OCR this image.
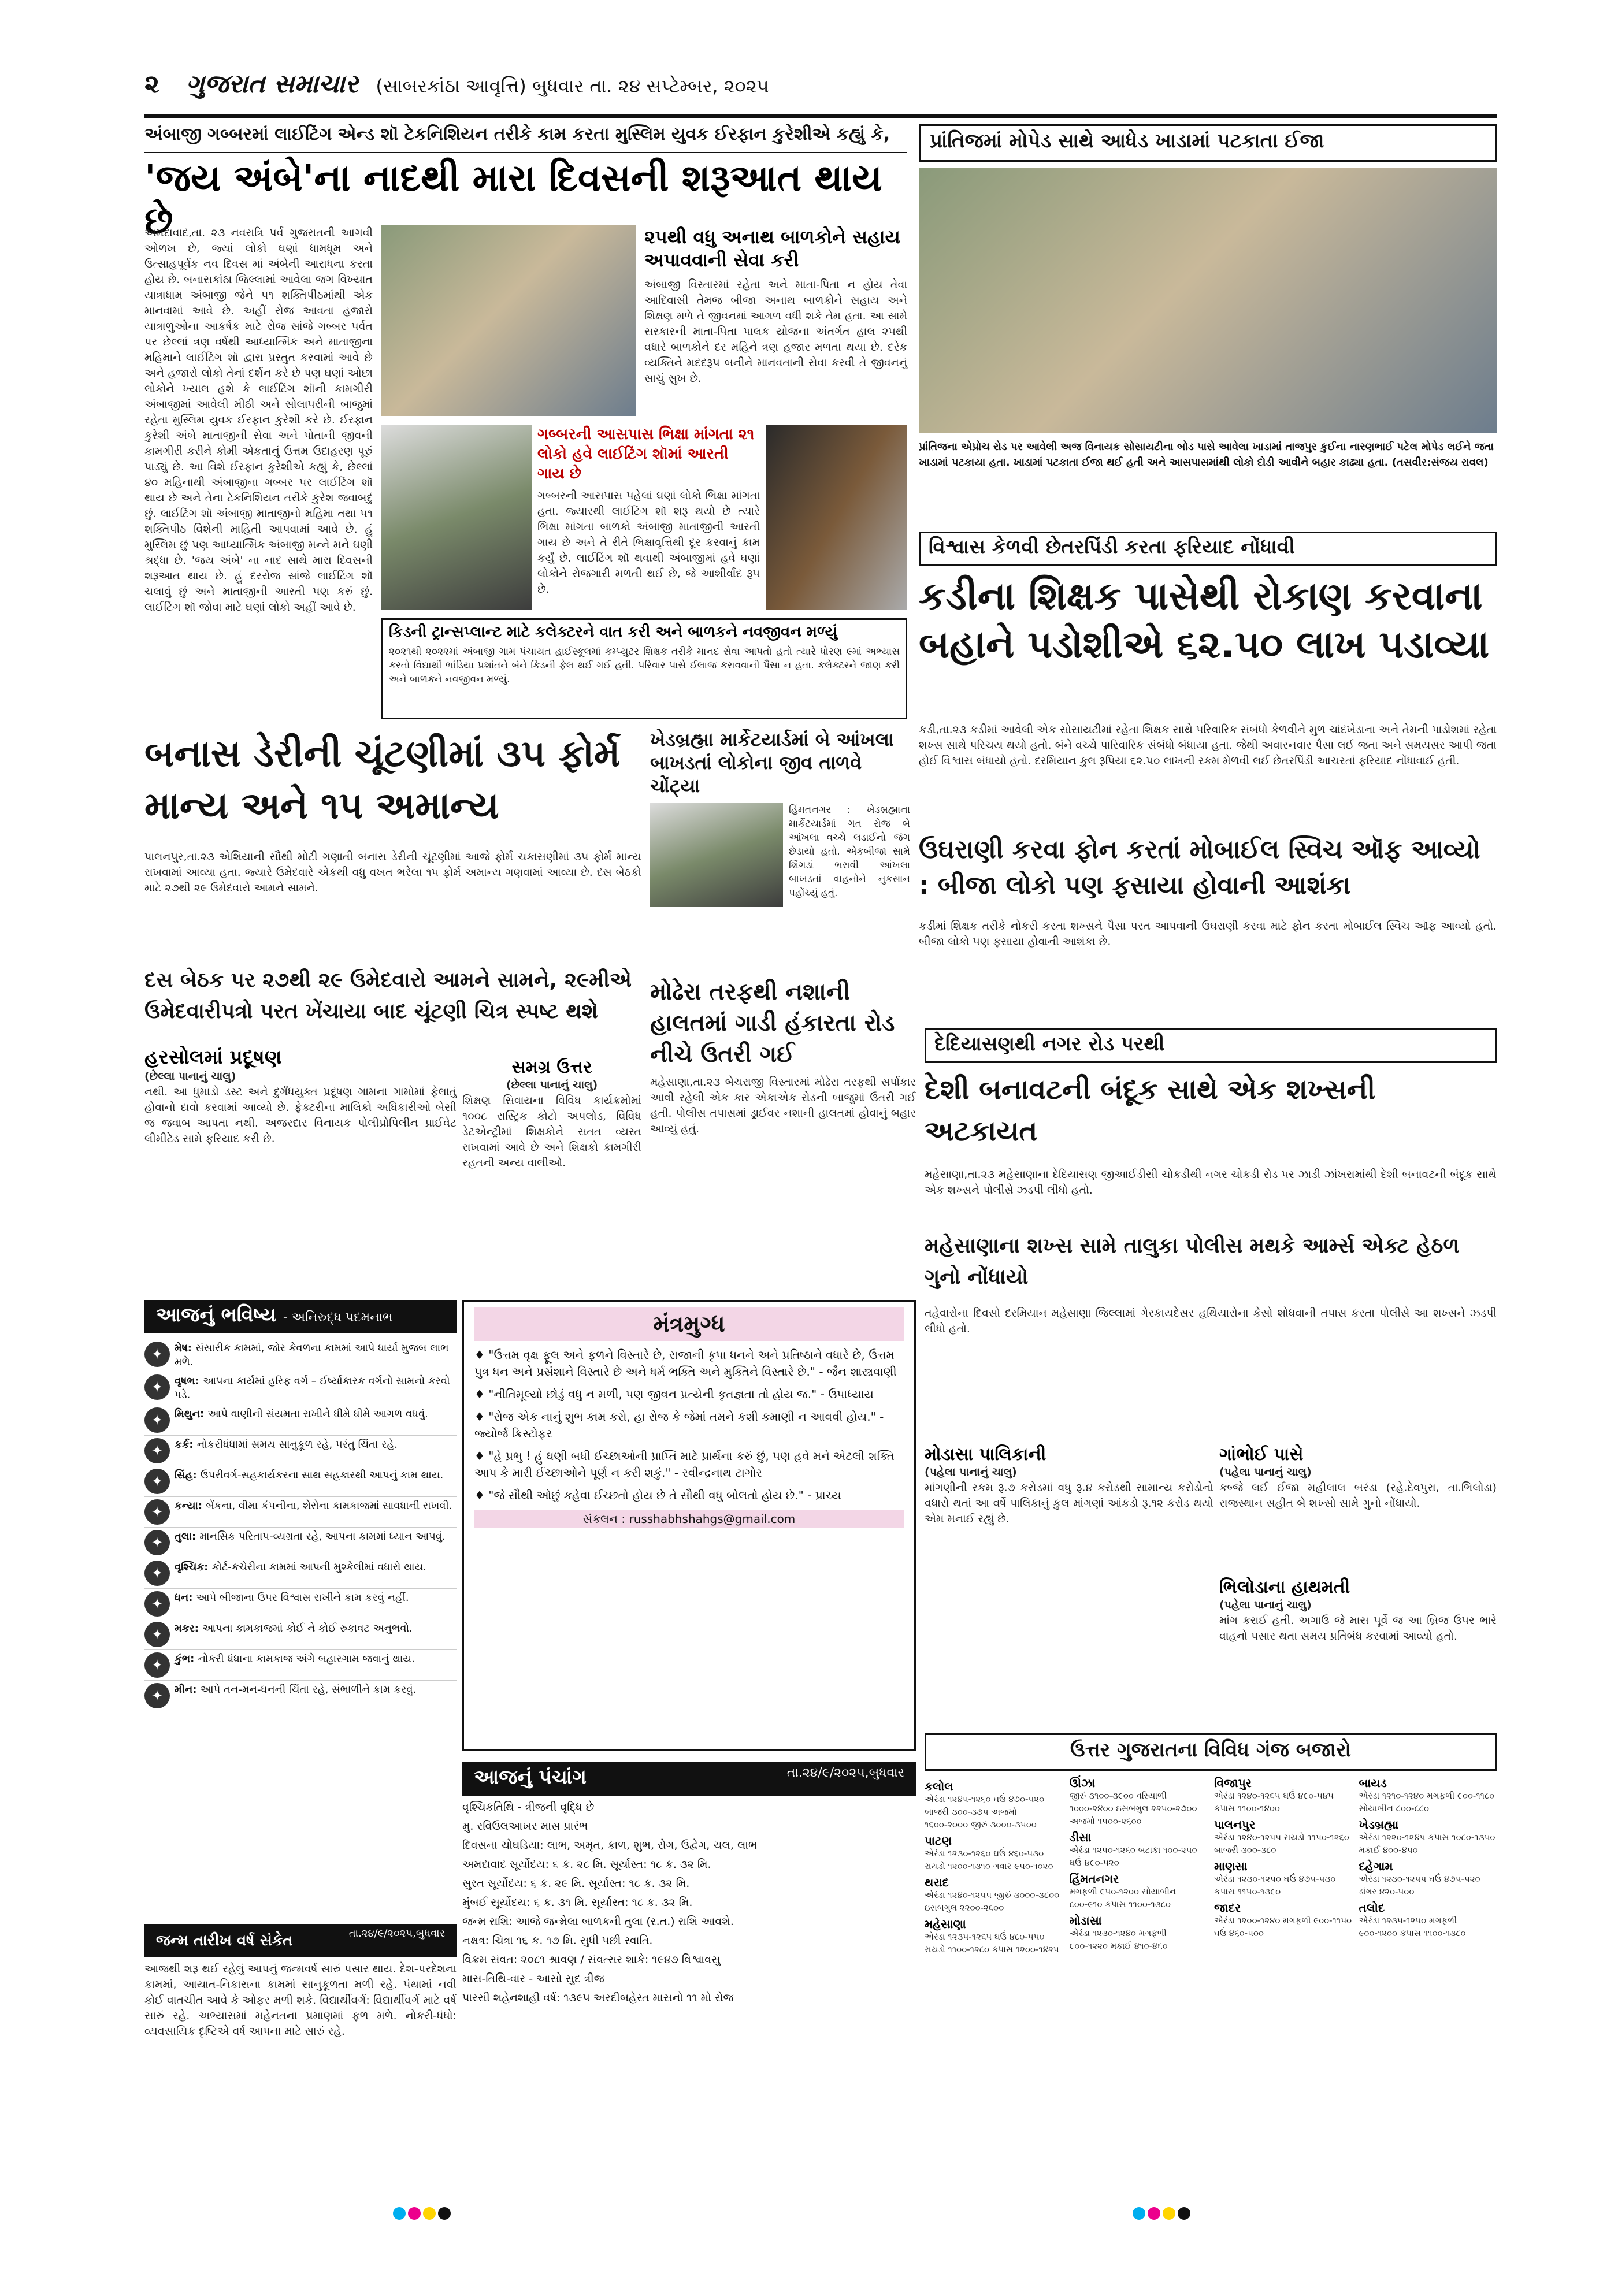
૨ ગુજરાત સમાચાર (સાબરકાંઠા આવૃત્તિ) બુધવાર તા. ૨૪ સપ્ટેમ્બર, ૨૦૨૫
અંબાજી ગબ્બરમાં લાઈટિંગ એન્ડ શૉ ટેકનિશિયન તરીકે કામ કરતા મુસ્લિમ યુવક ઈરફાન કુરેશીએ કહ્યું કે,
'જય અંબે'ના નાદથી મારા દિવસની શરૂઆત થાય છે
અમદાવાદ,તા. ૨૩ નવરાત્રિ પર્વ ગુજરાતની આગવી ઓળખ છે, જ્યાં લોકો ઘણાં ધામધૂમ અને ઉત્સાહપૂર્વક નવ દિવસ માં અંબેની આરાધના કરતા હોય છે. બનાસકાંઠા જિલ્લામાં આવેલા જગ વિખ્યાત યાત્રાધામ અંબાજી જેને ૫૧ શક્તિપીઠમાંથી એક માનવામાં આવે છે. અહીં રોજ આવતા હજારો યાત્રાળુઓના આકર્ષક માટે રોજ સાંજે ગબ્બર પર્વત પર છેલ્લાં ત્રણ વર્ષથી આધ્યાત્મિક અને માતાજીના મહિમાને લાઈટિંગ શૉ દ્વારા પ્રસ્તુત કરવામાં આવે છે અને હજારો લોકો તેનાં દર્શન કરે છે પણ ઘણાં ઓછા લોકોને ખ્યાલ હશે કે લાઈટિંગ શૉની કામગીરી અંબાજીમાં આવેલી મીઠી અને સોલાપરીની બાજુમાં રહેતા મુસ્લિમ યુવક ઈરફાન કુરેશી કરે છે. ઈરફાન કુરેશી અંબે માતાજીની સેવા અને પોતાની જીવની કામગીરી કરીને કોમી એકતાનું ઉત્તમ ઉદાહરણ પૂરું પાડ્યું છે. આ વિશે ઈરફાન કુરેશીએ કહ્યું કે, છેલ્લાં ૪૦ મહિનાથી અંબાજીના ગબ્બર પર લાઈટિંગ શૉ થાય છે અને તેના ટેકનિશિયન તરીકે કુરેશ જવાબદું છું. લાઈટિંગ શૉ અંબાજી માતાજીનો મહિમા તથા ૫૧ શક્તિપીઠ વિશેની માહિતી આપવામાં આવે છે. હું મુસ્લિમ છું પણ આધ્યાત્મિક અંબાજી મન્ને મને ઘણી શ્રદ્ધા છે. 'જય અંબે' ના નાદ સાથે મારા દિવસની શરૂઆત થાય છે. હું દરરોજ સાંજે લાઈટિંગ શૉ ચલાવું છું અને માતાજીની આરતી પણ કરું છું. લાઈટિંગ શૉ જોવા માટે ઘણાં લોકો અહીં આવે છે.
૨૫થી વધુ અનાથ બાળકોને સહાય અપાવવાની સેવા કરી
અંબાજી વિસ્તારમાં રહેતા અને માતા-પિતા ન હોય તેવા આદિવાસી તેમજ બીજા અનાથ બાળકોને સહાય અને શિક્ષણ મળે તે જીવનમાં આગળ વધી શકે તેમ હતા. આ સામે સરકારની માતા-પિતા પાલક યોજના અંતર્ગત હાલ ૨૫થી વધારે બાળકોને દર મહિને ત્રણ હજાર મળતા થયા છે. દરેક વ્યક્તિને મદદરૂપ બનીને માનવતાની સેવા કરવી તે જીવનનું સાચું સુખ છે.
ગબ્બરની આસપાસ ભિક્ષા માંગતા ૨૧ લોકો હવે લાઈટિંગ શૉમાં આરતી ગાય છે
ગબ્બરની આસપાસ પહેલાં ઘણાં લોકો ભિક્ષા માંગતા હતા. જ્યારથી લાઈટિંગ શૉ શરૂ થયો છે ત્યારે ભિક્ષા માંગતા બાળકો અંબાજી માતાજીની આરતી ગાય છે અને તે રીતે ભિક્ષાવૃત્તિથી દૂર કરવાનું કામ કર્યું છે. લાઈટિંગ શૉ થવાથી અંબાજીમાં હવે ઘણાં લોકોને રોજગારી મળતી થઈ છે, જે આશીર્વાદ રૂપ છે.
કિડની ટ્રાન્સપ્લાન્ટ માટે કલેક્ટરને વાત કરી અને બાળકને નવજીવન મળ્યું
૨૦૨૧થી ૨૦૨૨માં અંબાજી ગામ પંચાયત હાઈસ્કૂલમાં કમ્પ્યુટર શિક્ષક તરીકે માનદ સેવા આપતો હતો ત્યારે ધોરણ ૯માં અભ્યાસ કરતો વિદ્યાર્થી ભાંડિયા પ્રશાંતને બંને કિડની ફેલ થઈ ગઈ હતી. પરિવાર પાસે ઈલાજ કરાવવાની પૈસા ન હતા. કલેક્ટરને જાણ કરી અને બાળકને નવજીવન મળ્યું.
પ્રાંતિજમાં મોપેડ સાથે આધેડ ખાડામાં પટકાતા ઈજા
પ્રાંતિજના એપ્રોચ રોડ પર આવેલી અજ વિનાયક સોસાયટીના બોડ પાસે આવેલા ખાડામાં તાજપુર કુઈના નારણભાઈ પટેલ મોપેડ લઈને જતા ખાડામાં પટકાયા હતા. ખાડામાં પટકાતા ઈજા થઈ હતી અને આસપાસમાંથી લોકો દોડી આવીને બહાર કાઢ્યા હતા. (તસવીર:સંજય રાવલ)
વિશ્વાસ કેળવી છેતરપિંડી કરતા ફરિયાદ નોંધાવી
કડીના શિક્ષક પાસેથી રોકાણ કરવાના બહાને પડોશીએ ૬૨.૫૦ લાખ પડાવ્યા
કડી,તા.૨૩ કડીમાં આવેલી એક સોસાયટીમાં રહેતા શિક્ષક સાથે પરિવારિક સંબંધો કેળવીને મુળ ચાંદખેડાના અને તેમની પાડોશમાં રહેતા શખ્સ સાથે પરિચય થયો હતો. બંને વચ્ચે પારિવારિક સંબંધો બંધાયા હતા. જેથી અવારનવાર પૈસા લઈ જતા અને સમયસર આપી જતા હોઈ વિશ્વાસ બંધાયો હતો. દરમિયાન કુલ રૂપિયા ૬૨.૫૦ લાખની રકમ મેળવી લઈ છેતરપિંડી આચરતાં ફરિયાદ નોંધાવાઈ હતી.
ઉઘરાણી કરવા ફોન કરતાં મોબાઈલ સ્વિચ ઑફ આવ્યો : બીજા લોકો પણ ફસાયા હોવાની આશંકા
કડીમાં શિક્ષક તરીકે નોકરી કરતા શખ્સને પૈસા પરત આપવાની ઉઘરાણી કરવા માટે ફોન કરતા મોબાઈલ સ્વિચ ઑફ આવ્યો હતો. બીજા લોકો પણ ફસાયા હોવાની આશંકા છે.
બનાસ ડેરીની ચૂંટણીમાં ૩૫ ફોર્મ માન્ય અને ૧૫ અમાન્ય
પાલનપુર,તા.૨૩ એશિયાની સૌથી મોટી ગણાતી બનાસ ડેરીની ચૂંટણીમાં આજે ફોર્મ ચકાસણીમાં ૩૫ ફોર્મ માન્ય રાખવામાં આવ્યા હતા. જ્યારે ઉમેદવારે એકથી વધુ વખત ભરેલા ૧૫ ફોર્મ અમાન્ય ગણવામાં આવ્યા છે. દસ બેઠકો માટે ૨૭થી ૨૯ ઉમેદવારો આમને સામને.
દસ બેઠક પર ૨૭થી ૨૯ ઉમેદવારો આમને સામને, ૨૯મીએ ઉમેદવારીપત્રો પરત ખેંચાયા બાદ ચૂંટણી ચિત્ર સ્પષ્ટ થશે
ખેડબ્રહ્મા માર્કેટયાર્ડમાં બે આંખલા બાખડતાં લોકોના જીવ તાળવે ચોંટ્યા
હિંમતનગર : ખેડબ્રહ્માના માર્કેટયાર્ડમાં ગત રોજ બે આંખલા વચ્ચે લડાઈનો જંગ છેડાયો હતો. એકબીજા સામે શિંગડાં ભરાવી આંખલા બાખડતાં વાહનોને નુકસાન પહોંચ્યું હતું.
મોઢેરા તરફથી નશાની હાલતમાં ગાડી હંકારતા રોડ નીચે ઉતરી ગઈ
મહેસાણા,તા.૨૩ બેચરાજી વિસ્તારમાં મોઢેરા તરફથી સર્પાકાર આવી રહેલી એક કાર એકાએક રોડની બાજુમાં ઉતરી ગઈ હતી. પોલીસ તપાસમાં ડ્રાઈવર નશાની હાલતમાં હોવાનું બહાર આવ્યું હતું.
દેદિયાસણથી નગર રોડ પરથી
દેશી બનાવટની બંદૂક સાથે એક શખ્સની અટકાયત
મહેસાણા,તા.૨૩ મહેસાણાના દેદિયાસણ જીઆઈડીસી ચોકડીથી નગર ચોકડી રોડ પર ઝાડી ઝાંખરામાંથી દેશી બનાવટની બંદૂક સાથે એક શખ્સને પોલીસે ઝડપી લીધો હતો.
મહેસાણાના શખ્સ સામે તાલુકા પોલીસ મથકે આર્મ્સ એક્ટ હેઠળ ગુનો નોંધાયો
તહેવારોના દિવસો દરમિયાન મહેસાણા જિલ્લામાં ગેરકાયદેસર હથિયારોના કેસો શોધવાની તપાસ કરતા પોલીસે આ શખ્સને ઝડપી લીધો હતો.
હરસોલમાં પ્રદૂષણ
(છેલ્લા પાનાનું ચાલુ)
નથી. આ ધુમાડો ડસ્ટ અને દુર્ગંધયુક્ત પ્રદૂષણ ગામના ગામોમાં ફેલાતું હોવાનો દાવો કરવામાં આવ્યો છે. ફેક્ટરીના માલિકો અધિકારીઓ બેસી જ જવાબ આપતા નથી. અજરદાર વિનાયક પોલીપ્રોપિલીન પ્રાઈવેટ લીમીટેડ સામે ફરિયાદ કરી છે.
સમગ્ર ઉત્તર
(છેલ્લા પાનાનું ચાલુ)
શિક્ષણ સિવાયના વિવિધ કાર્યક્રમોમાં ૧૦૦૮ રાસ્ટ્રિક કોટો અપલોડ, વિવિધ ડેટએન્ટ્રીમાં શિક્ષકોને સતત વ્યસ્ત રાખવામાં આવે છે અને શિક્ષકો કામગીરી રહતની અન્ય વાલીઓ.
આજનું ભવિષ્ય - અનિરુદ્ધ પદમનાભ
✦	મેષ: સંસારીક કામમાં, જોર કેવળના કામમાં આપે ધાર્યા મુજબ લાભ મળે.
✦	વૃષભ: આપના કાર્યમાં હરિફ વર્ગ – ઈર્ષ્યાકારક વર્ગનો સામનો કરવો પડે.
✦	મિથુન: આપે વાણીની સંયમતા રાખીને ધીમે ધીમે આગળ વધવું.
✦	કર્ક: નોકરીધંધામાં સમય સાનુકૂળ રહે, પરંતુ ચિંતા રહે.
✦	સિંહ: ઉપરીવર્ગ-સહકાર્યકરના સાથ સહકારથી આપનું કામ થાય.
✦	કન્યા: બેંકના, વીમા કંપનીના, શેરોના કામકાજમાં સાવધાની રાખવી.
✦	તુલા: માનસિક પરિતાપ-વ્યગ્રતા રહે, આપના કામમાં ધ્યાન આપવું.
✦	વૃશ્ચિક: કોર્ટ-કચેરીના કામમાં આપની મુશ્કેલીમાં વધારો થાય.
✦	ધન: આપે બીજાના ઉપર વિશ્વાસ રાખીને કામ કરવું નહીં.
✦	મકર: આપના કામકાજમાં કોઈ ને કોઈ રુકાવટ અનુભવો.
✦	કુંભ: નોકરી ધંધાના કામકાજ અંગે બહારગામ જવાનું થાય.
✦	મીન: આપે તન-મન-ધનની ચિંતા રહે, સંભાળીને કામ કરવું.
મંત્રમુગ્ધ

♦ "ઉત્તમ વૃક્ષ ફૂલ અને ફળને વિસ્તારે છે, રાજાની કૃપા ધનને અને પ્રતિષ્ઠાને વધારે છે, ઉત્તમ પુત્ર ધન અને પ્રસંશાને વિસ્તારે છે અને ધર્મ ભક્તિ અને મુક્તિને વિસ્તારે છે." - જૈન શાસ્ત્રવાણી

♦ "નીતિમૂલ્યો છોડું વધુ ન મળી, પણ જીવન પ્રત્યેની કૃતજ્ઞતા તો હોય જ." - ઉપાધ્યાય

♦ "રોજ એક નાનું શુભ કામ કરો, હા રોજ કે જેમાં તમને કશી કમાણી ન આવવી હોય." - જ્યોર્જ ક્રિસ્ટોફર

♦ "હે પ્રભુ ! હું ઘણી બધી ઈચ્છાઓની પ્રાપ્તિ માટે પ્રાર્થના કરું છું, પણ હવે મને એટલી શક્તિ આપ કે મારી ઈચ્છાઓને પૂર્ણ ન કરી શકું." - રવીન્દ્રનાથ ટાગોર

♦ "જે સૌથી ઓછું કહેવા ઈચ્છતો હોય છે તે સૌથી વધુ બોલતો હોય છે." - પ્રાચ્ય

સંકલન : russhabhshahgs@gmail.com
મોડાસા પાલિકાની
(પહેલા પાનાનું ચાલુ)
માંગણીની રકમ રૂ.૭ કરોડમાં વધુ રૂ.૪ કરોડથી સામાન્ય કરોડોનો વધારો થતાં આ વર્ષે પાલિકાનું કુલ માંગણાં આંકડો રૂ.૧૨ કરોડ થયો એમ મનાઈ રહ્યું છે.
ગાંભોઈ પાસે
(પહેલા પાનાનું ચાલુ)
કબ્જે લઈ ઈજા મહીલાલ બરંડા (રહે.દેવપુરા, તા.ભિલોડા) રાજસ્થાન સહીત બે શખ્સો સામે ગુનો નોંધાયો.
ભિલોડાના હાથમતી
(પહેલા પાનાનું ચાલુ)
માંગ કરાઈ હતી. અગાઉ જે માસ પૂર્વે જ આ બ્રિજ ઉપર ભારે વાહનો પસાર થતા સમય પ્રતિબંધ કરવામાં આવ્યો હતો.
આજનું પંચાંગ	તા.૨૪/૯/૨૦૨૫,બુધવાર
વૃશ્ચિકતિથિ - ત્રીજની વૃદ્ધિ છે
મુ. રવિઉલઆખર માસ પ્રારંભ
દિવસના ચોઘડિયા: લાભ, અમૃત, કાળ, શુભ, રોગ, ઉદ્વેગ, ચલ, લાભ
અમદાવાદ સૂર્યોદય: ૬ ક. ૨૮ મિ. સૂર્યાસ્ત: ૧૮ ક. ૩૨ મિ.
સુરત સૂર્યોદય: ૬ ક. ૨૯ મિ. સૂર્યાસ્ત: ૧૮ ક. ૩૨ મિ.
મુંબઈ સૂર્યોદય: ૬ ક. ૩૧ મિ. સૂર્યાસ્ત: ૧૮ ક. ૩૨ મિ.
જન્મ રાશિ: આજે જન્મેલા બાળકની તુલા (ર.ત.) રાશિ આવશે.
નક્ષત્ર: ચિત્રા ૧૬ ક. ૧૭ મિ. સુધી પછી સ્વાતિ.
વિક્રમ સંવત: ૨૦૮૧ શ્રાવણ / સંવત્સર શાકે: ૧૯૪૭ વિશ્વાવસુ
માસ-તિથિ-વાર - આસો સુદ ત્રીજ
પારસી શહેનશાહી વર્ષ: ૧૩૯૫ અરદીબહેસ્ત માસનો ૧૧ મો રોજ
જન્મ તારીખ વર્ષ સંકેત	તા.૨૪/૯/૨૦૨૫,બુધવાર
આજથી શરૂ થઈ રહેલું આપનું જન્મવર્ષ સારું પસાર થાય. દેશ-પરદેશના કામમાં, આયાત-નિકાસના કામમાં સાનુકૂળતા મળી રહે. પંથામાં નવી કોઈ વાતચીત આવે કે ઓફર મળી શકે. વિદ્યાર્થીવર્ગ: વિદ્યાર્થીવર્ગ માટે વર્ષ સારું રહે. અભ્યાસમાં મહેનતના પ્રમાણમાં ફળ મળે. નોકરી-ધંધો: વ્યવસાયિક દૃષ્ટિએ વર્ષ આપના માટે સારું રહે.
ઉત્તર ગુજરાતના વિવિધ ગંજ બજારો
કલોલ
એરંડા ૧૨૪૫-૧૨૬૦ ઘઉં ૪૭૦-૫૨૦ બાજરી ૩૦૦-૩૭૫ અજમો ૧૬૦૦-૨૦૦૦ જીરું ૩૦૦૦-૩૫૦૦
પાટણ
એરંડા ૧૨૩૦-૧૨૬૦ ઘઉં ૪૬૦-૫૩૦ રાયડો ૧૨૦૦-૧૩૧૦ ગવાર ૯૫૦-૧૦૨૦
થરાદ
એરંડા ૧૨૪૦-૧૨૫૫ જીરું ૩૦૦૦-૩૮૦૦ ઇસબગુલ ૨૨૦૦-૨૬૦૦
મહેસાણા
એરંડા ૧૨૩૫-૧૨૬૫ ઘઉં ૪૮૦-૫૫૦ રાયડો ૧૧૦૦-૧૨૮૦ કપાસ ૧૨૦૦-૧૪૨૫
ઊંઝા
જીરું ૩૧૦૦-૩૯૦૦ વરિયાળી ૧૦૦૦-૨૪૦૦ ઇસબગુલ ૨૨૫૦-૨૭૦૦ અજમો ૧૫૦૦-૨૬૦૦
ડીસા
એરંડા ૧૨૫૦-૧૨૬૦ બટાકા ૧૦૦-૨૫૦ ઘઉં ૪૯૦-૫૨૦
હિંમતનગર
મગફળી ૯૫૦-૧૨૦૦ સોયાબીન ૮૦૦-૯૧૦ કપાસ ૧૧૦૦-૧૩૮૦
મોડાસા
એરંડા ૧૨૩૦-૧૨૪૦ મગફળી ૯૦૦-૧૨૨૦ મકાઈ ૪૧૦-૪૬૦
વિજાપુર
એરંડા ૧૨૪૦-૧૨૬૫ ઘઉં ૪૯૦-૫૪૫ કપાસ ૧૧૦૦-૧૪૦૦
પાલનપુર
એરંડા ૧૨૪૦-૧૨૫૫ રાયડો ૧૧૫૦-૧૨૬૦ બાજરી ૩૦૦-૩૮૦
માણસા
એરંડા ૧૨૩૦-૧૨૫૦ ઘઉં ૪૭૫-૫૩૦ કપાસ ૧૧૫૦-૧૩૯૦
જાદર
એરંડા ૧૨૦૦-૧૨૪૦ મગફળી ૯૦૦-૧૧૫૦ ઘઉં ૪૬૦-૫૦૦
બાયડ
એરંડા ૧૨૧૦-૧૨૪૦ મગફળી ૯૦૦-૧૧૮૦ સોયાબીન ૮૦૦-૮૮૦
ખેડબ્રહ્મા
એરંડા ૧૨૨૦-૧૨૪૫ કપાસ ૧૦૮૦-૧૩૫૦ મકાઈ ૪૦૦-૪૫૦
દહેગામ
એરંડા ૧૨૩૦-૧૨૫૫ ઘઉં ૪૭૫-૫૨૦ ડાંગર ૪૨૦-૫૦૦
તલોદ
એરંડા ૧૨૩૫-૧૨૫૦ મગફળી ૯૦૦-૧૨૦૦ કપાસ ૧૧૦૦-૧૩૮૦
